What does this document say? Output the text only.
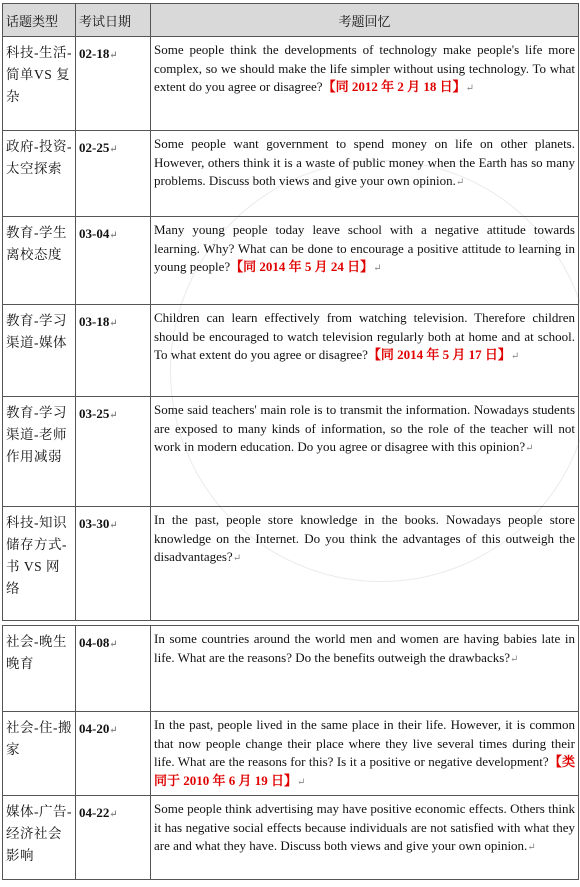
话题类型	考试日期	考题回忆
科技-生活-简单VS 复杂	02-18↵	Some people think the developments of technology make people's life more complex, so we should make the life simpler without using technology. To what extent do you agree or disagree?【同 2012 年 2 月 18 日】↵
政府-投资-太空探索	02-25↵	Some people want government to spend money on life on other planets. However, others think it is a waste of public money when the Earth has so many problems. Discuss both views and give your own opinion.↵
教育-学生离校态度	03-04↵	Many young people today leave school with a negative attitude towards learning. Why? What can be done to encourage a positive attitude to learning in young people?【同 2014 年 5 月 24 日】↵
教育-学习渠道-媒体	03-18↵	Children can learn effectively from watching television. Therefore children should be encouraged to watch television regularly both at home and at school. To what extent do you agree or disagree?【同 2014 年 5 月 17 日】↵
教育-学习渠道-老师作用减弱	03-25↵	Some said teachers' main role is to transmit the information. Nowadays students are exposed to many kinds of information, so the role of the teacher will not work in modern education. Do you agree or disagree with this opinion?↵
科技-知识储存方式-书 VS 网络	03-30↵	In the past, people store knowledge in the books. Nowadays people store knowledge on the Internet. Do you think the advantages of this outweigh the disadvantages?↵
社会-晚生晚育	04-08↵	In some countries around the world men and women are having babies late in life. What are the reasons? Do the benefits outweigh the drawbacks?↵
社会-住-搬家	04-20↵	In the past, people lived in the same place in their life. However, it is common that now people change their place where they live several times during their life. What are the reasons for this? Is it a positive or negative development?【类同于 2010 年 6 月 19 日】↵
媒体-广告-经济社会影响	04-22↵	Some people think advertising may have positive economic effects. Others think it has negative social effects because individuals are not satisfied with what they are and what they have. Discuss both views and give your own opinion.↵
